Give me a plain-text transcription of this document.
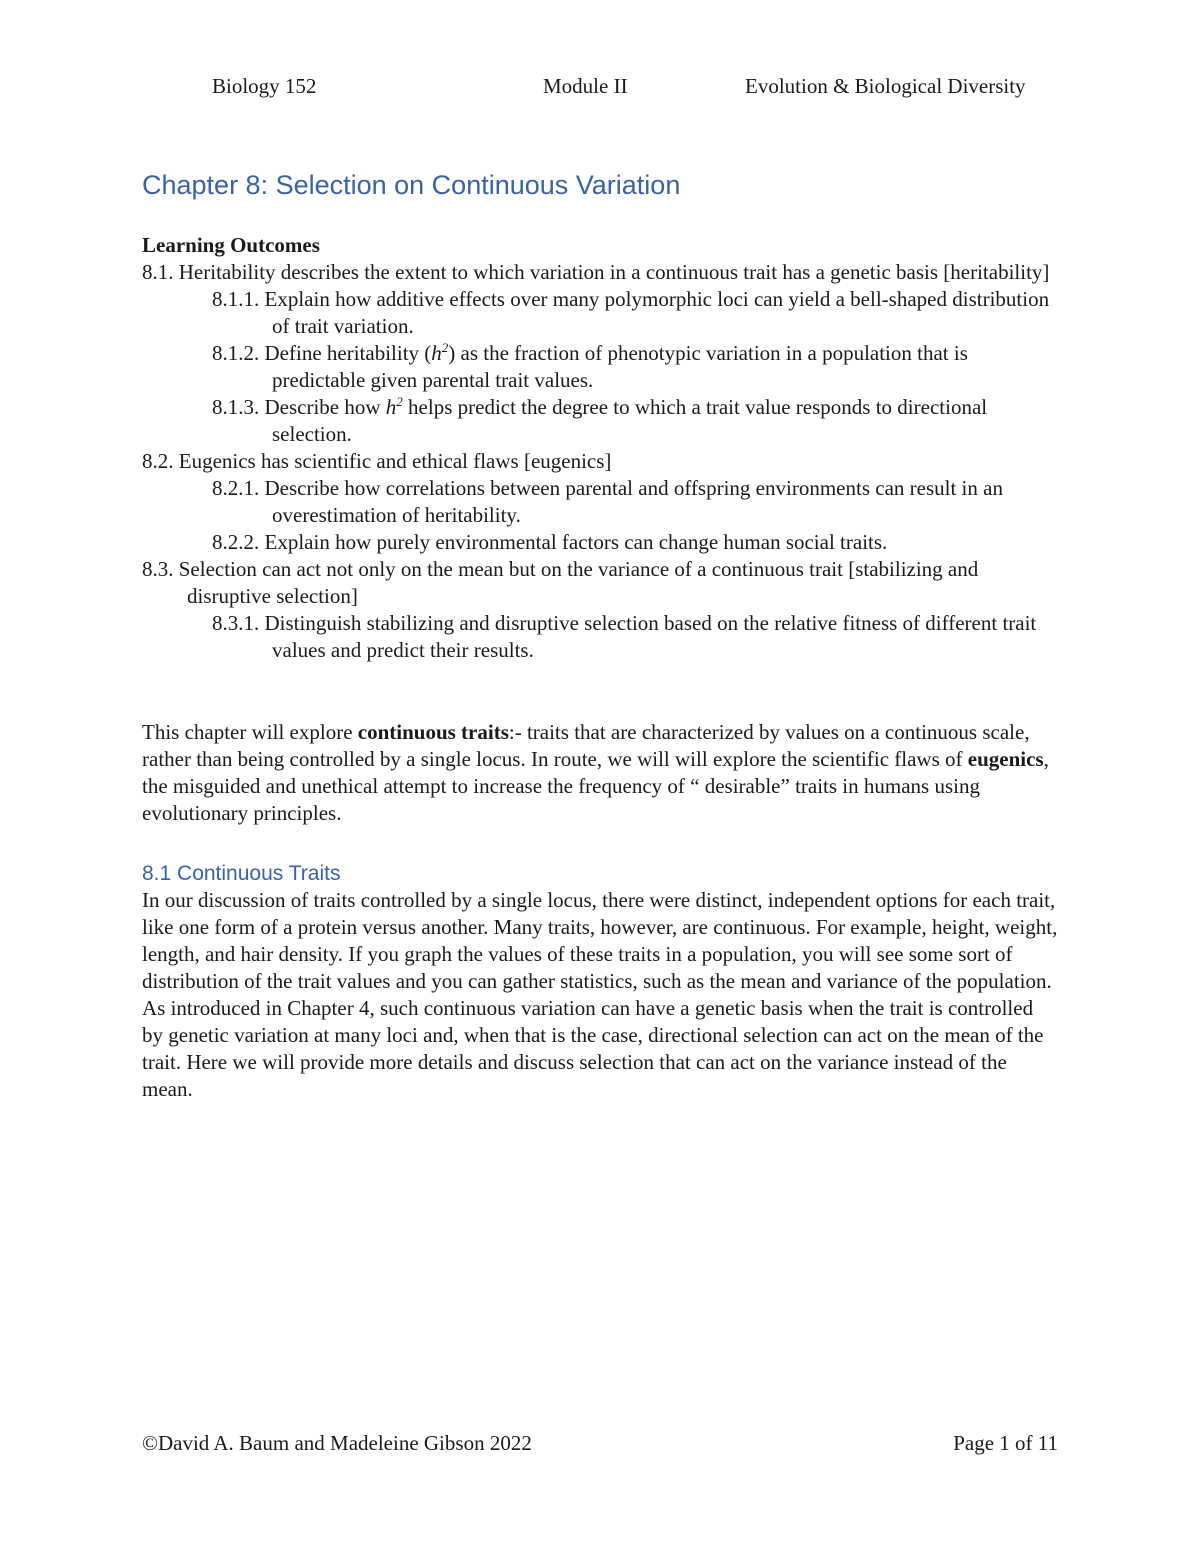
Biology 152	Module II	Evolution & Biological Diversity
Chapter 8: Selection on Continuous Variation
Learning Outcomes

8.1. Heritability describes the extent to which variation in a continuous trait has a genetic basis [heritability]

8.1.1. Explain how additive effects over many polymorphic loci can yield a bell-shaped distribution of trait variation.

8.1.2. Define heritability $(h^2)$ as the fraction of phenotypic variation in a population that is predictable given parental trait values.

8.1.3. Describe how $h^2$ helps predict the degree to which a trait value responds to directional selection.

8.2. Eugenics has scientific and ethical flaws [eugenics]

8.2.1. Describe how correlations between parental and offspring environments can result in an overestimation of heritability.

8.2.2. Explain how purely environmental factors can change human social traits.

8.3. Selection can act not only on the mean but on the variance of a continuous trait [stabilizing and disruptive selection]

8.3.1. Distinguish stabilizing and disruptive selection based on the relative fitness of different trait values and predict their results.

This chapter will explore continuous traits:- traits that are characterized by values on a continuous scale, rather than being controlled by a single locus. In route, we will will explore the scientific flaws of eugenics, the misguided and unethical attempt to increase the frequency of “ desirable” traits in humans using evolutionary principles.

8.1 Continuous Traits

In our discussion of traits controlled by a single locus, there were distinct, independent options for each trait, like one form of a protein versus another. Many traits, however, are continuous. For example, height, weight, length, and hair density. If you graph the values of these traits in a population, you will see some sort of distribution of the trait values and you can gather statistics, such as the mean and variance of the population. As introduced in Chapter 4, such continuous variation can have a genetic basis when the trait is controlled by genetic variation at many loci and, when that is the case, directional selection can act on the mean of the trait. Here we will provide more details and discuss selection that can act on the variance instead of the mean.

©David A. Baum and Madeleine Gibson 2022	Page 1 of 11
